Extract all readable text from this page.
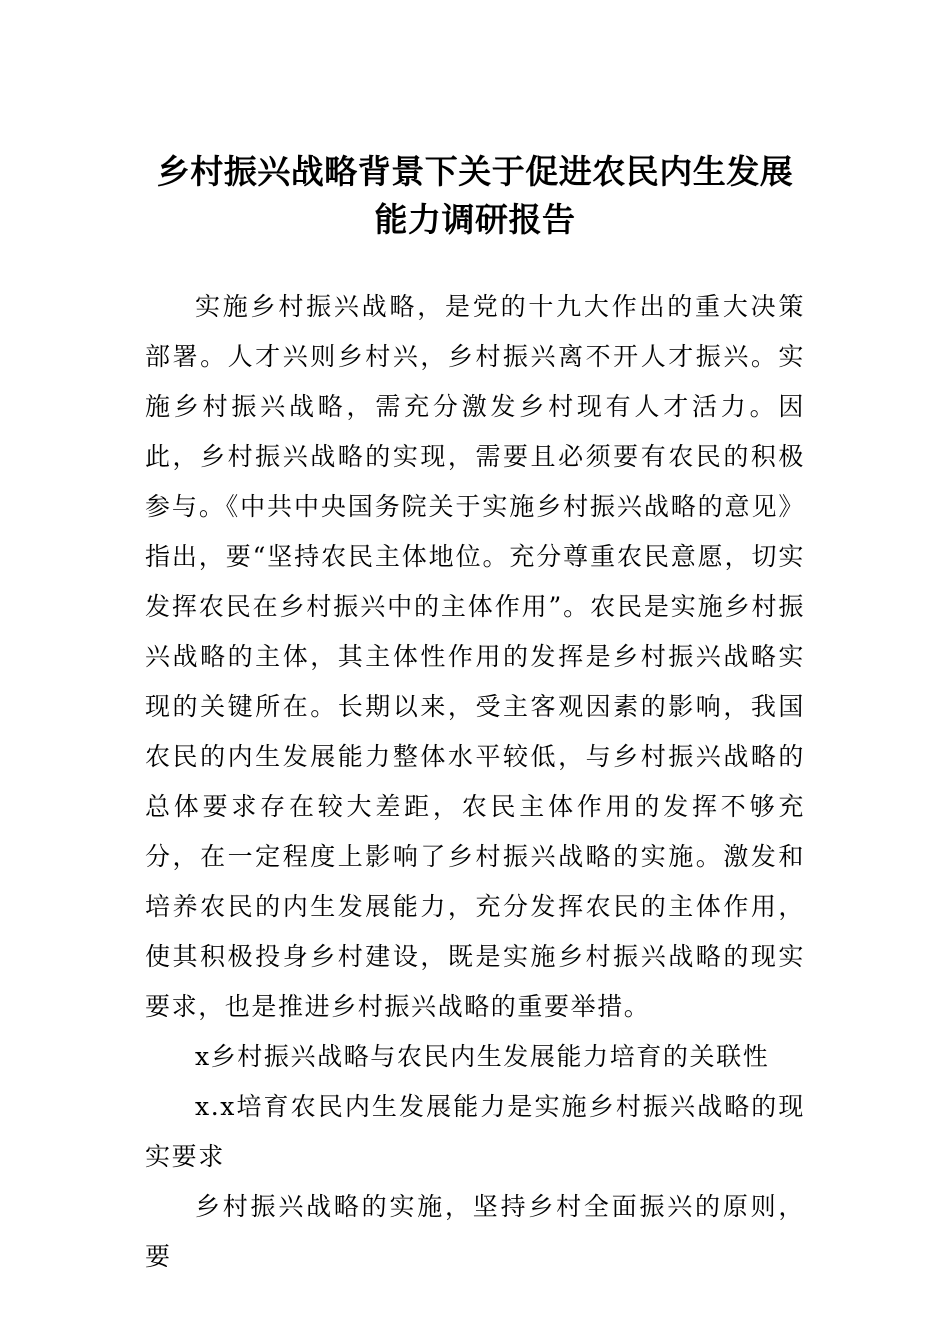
乡村振兴战略背景下关于促进农民内生发展能力调研报告

实施乡村振兴战略，是党的十九大作出的重大决策部署。人才兴则乡村兴，乡村振兴离不开人才振兴。实施乡村振兴战略，需充分激发乡村现有人才活力。因此，乡村振兴战略的实现，需要且必须要有农民的积极参与。《中共中央国务院关于实施乡村振兴战略的意见》指出，要“坚持农民主体地位。充分尊重农民意愿，切实发挥农民在乡村振兴中的主体作用”。农民是实施乡村振兴战略的主体，其主体性作用的发挥是乡村振兴战略实现的关键所在。长期以来，受主客观因素的影响，我国农民的内生发展能力整体水平较低，与乡村振兴战略的总体要求存在较大差距，农民主体作用的发挥不够充分，在一定程度上影响了乡村振兴战略的实施。激发和培养农民的内生发展能力，充分发挥农民的主体作用，使其积极投身乡村建设，既是实施乡村振兴战略的现实要求，也是推进乡村振兴战略的重要举措。

x乡村振兴战略与农民内生发展能力培育的关联性

x.x培育农民内生发展能力是实施乡村振兴战略的现实要求

乡村振兴战略的实施，坚持乡村全面振兴的原则，要
